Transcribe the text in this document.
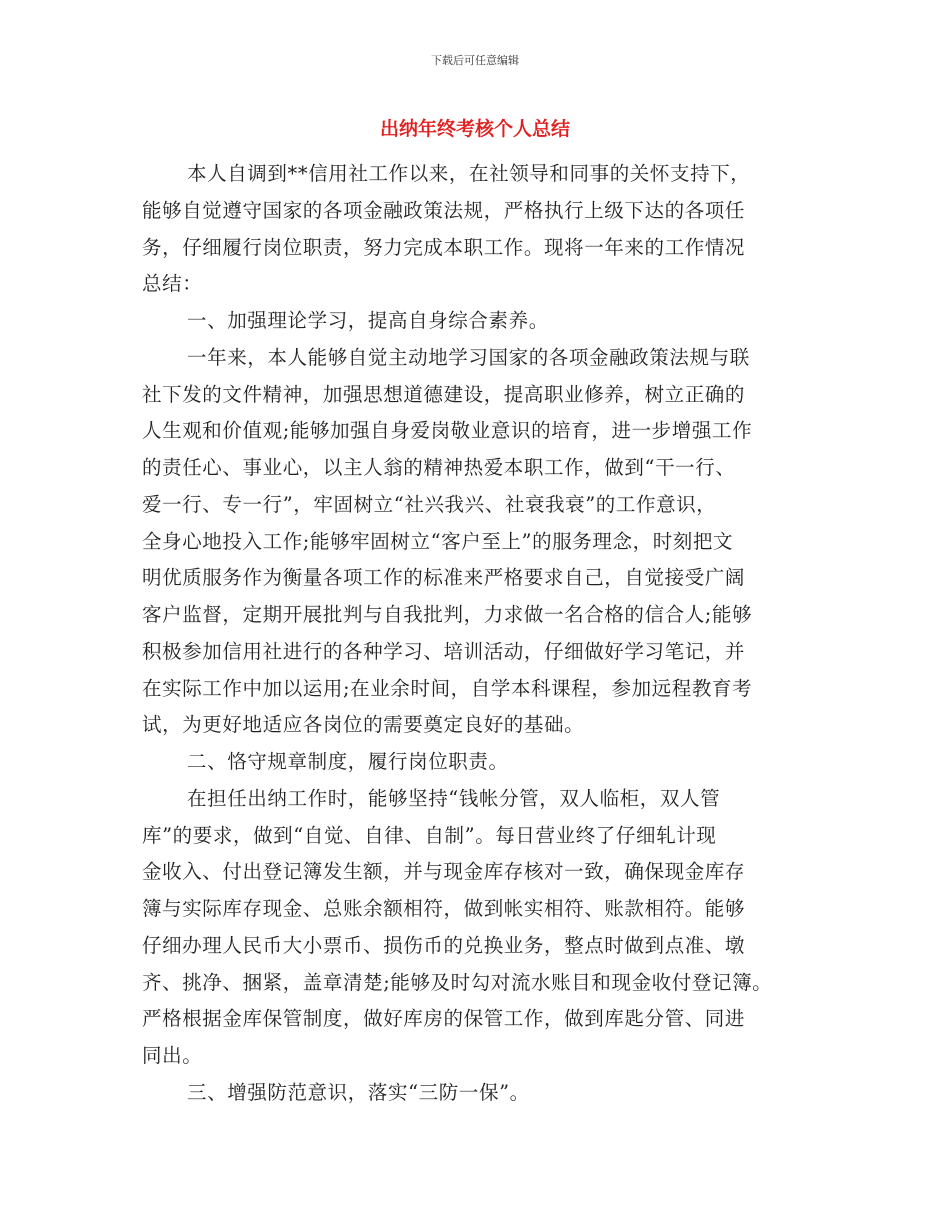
下载后可任意编辑
出纳年终考核个人总结
本人自调到**信用社工作以来，在社领导和同事的关怀支持下，
能够自觉遵守国家的各项金融政策法规，严格执行上级下达的各项任
务，仔细履行岗位职责，努力完成本职工作。现将一年来的工作情况
总结：
一、加强理论学习，提高自身综合素养。
一年来，本人能够自觉主动地学习国家的各项金融政策法规与联
社下发的文件精神，加强思想道德建设，提高职业修养，树立正确的
人生观和价值观;能够加强自身爱岗敬业意识的培育，进一步增强工作
的责任心、事业心，以主人翁的精神热爱本职工作，做到“干一行、
爱一行、专一行”，牢固树立“社兴我兴、社衰我衰”的工作意识，
全身心地投入工作;能够牢固树立“客户至上”的服务理念，时刻把文
明优质服务作为衡量各项工作的标准来严格要求自己，自觉接受广阔
客户监督，定期开展批判与自我批判，力求做一名合格的信合人;能够
积极参加信用社进行的各种学习、培训活动，仔细做好学习笔记，并
在实际工作中加以运用;在业余时间，自学本科课程，参加远程教育考
试，为更好地适应各岗位的需要奠定良好的基础。
二、恪守规章制度，履行岗位职责。
在担任出纳工作时，能够坚持“钱帐分管，双人临柜，双人管
库”的要求，做到“自觉、自律、自制”。每日营业终了仔细轧计现
金收入、付出登记簿发生额，并与现金库存核对一致，确保现金库存
簿与实际库存现金、总账余额相符，做到帐实相符、账款相符。能够
仔细办理人民币大小票币、损伤币的兑换业务，整点时做到点准、墩
齐、挑净、捆紧，盖章清楚;能够及时勾对流水账目和现金收付登记簿。
严格根据金库保管制度，做好库房的保管工作，做到库匙分管、同进
同出。
三、增强防范意识，落实“三防一保”。
